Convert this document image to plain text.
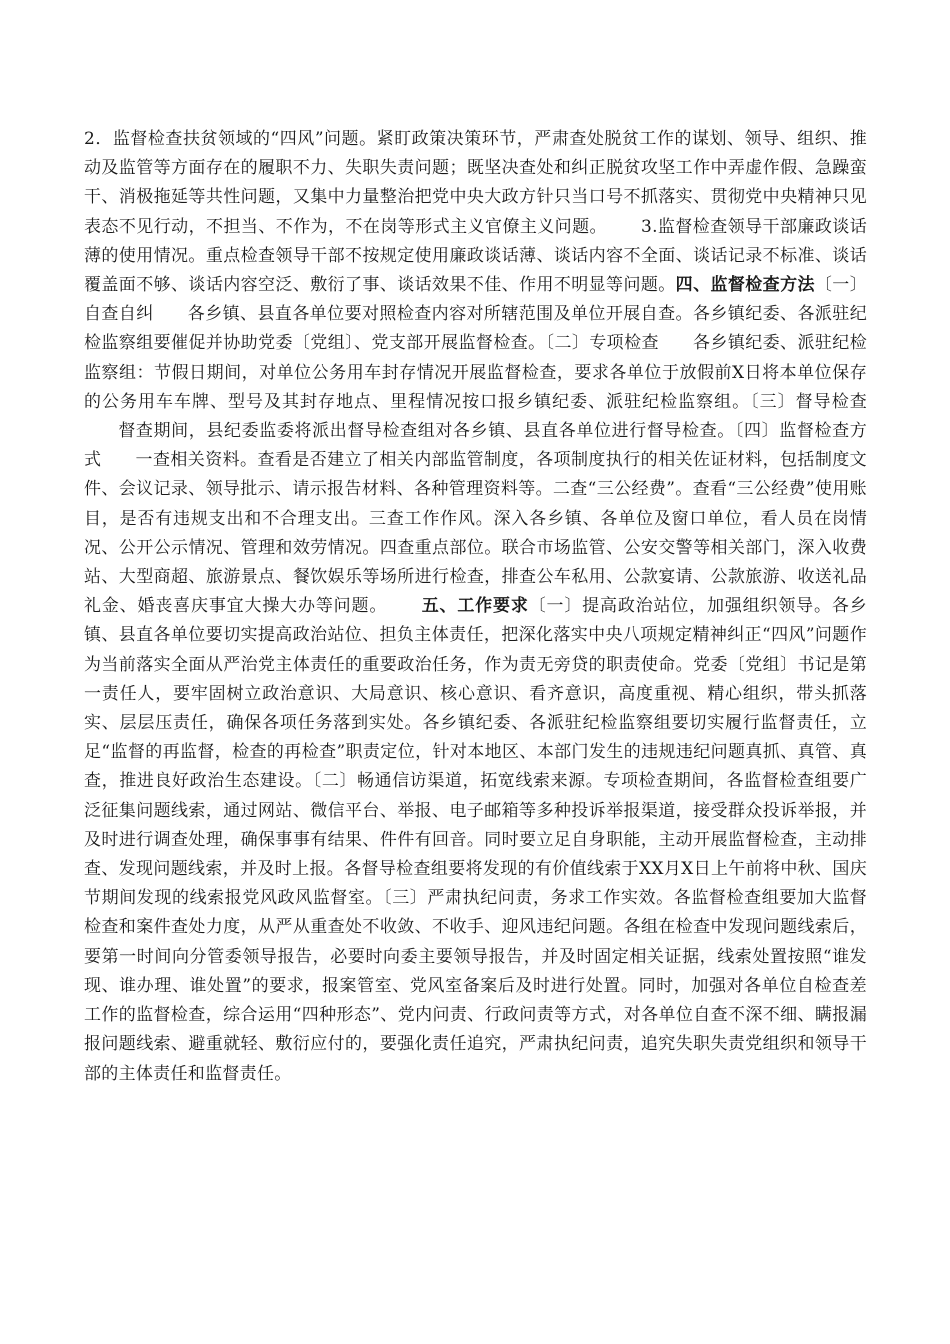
2．监督检查扶贫领域的“四风”问题。紧盯政策决策环节，严肃查处脱贫工作的谋划、领导、组织、推动及监管等方面存在的履职不力、失职失责问题；既坚决查处和纠正脱贫攻坚工作中弄虚作假、急躁蛮干、消极拖延等共性问题，又集中力量整治把党中央大政方针只当口号不抓落实、贯彻党中央精神只见表态不见行动，不担当、不作为，不在岗等形式主义官僚主义问题。 3.监督检查领导干部廉政谈话薄的使用情况。重点检查领导干部不按规定使用廉政谈话薄、谈话内容不全面、谈话记录不标准、谈话覆盖面不够、谈话内容空泛、敷衍了事、谈话效果不佳、作用不明显等问题。四、监督检查方法〔一〕自查自纠 各乡镇、县直各单位要对照检查内容对所辖范围及单位开展自查。各乡镇纪委、各派驻纪检监察组要催促并协助党委〔党组〕、党支部开展监督检查。〔二〕专项检查 各乡镇纪委、派驻纪检监察组：节假日期间，对单位公务用车封存情况开展监督检查，要求各单位于放假前X日将本单位保存的公务用车车牌、型号及其封存地点、里程情况按口报乡镇纪委、派驻纪检监察组。〔三〕督导检查督查期间，县纪委监委将派出督导检查组对各乡镇、县直各单位进行督导检查。〔四〕监督检查方式 一查相关资料。查看是否建立了相关内部监管制度，各项制度执行的相关佐证材料，包括制度文件、会议记录、领导批示、请示报告材料、各种管理资料等。二查“三公经费”。查看“三公经费”使用账目，是否有违规支出和不合理支出。三查工作作风。深入各乡镇、各单位及窗口单位，看人员在岗情况、公开公示情况、管理和效劳情况。四查重点部位。联合市场监管、公安交警等相关部门，深入收费站、大型商超、旅游景点、餐饮娱乐等场所进行检查，排查公车私用、公款宴请、公款旅游、收送礼品礼金、婚丧喜庆事宜大操大办等问题。 五、工作要求〔一〕提高政治站位，加强组织领导。各乡镇、县直各单位要切实提高政治站位、担负主体责任，把深化落实中央八项规定精神纠正“四风”问题作为当前落实全面从严治党主体责任的重要政治任务，作为责无旁贷的职责使命。党委〔党组〕书记是第一责任人，要牢固树立政治意识、大局意识、核心意识、看齐意识，高度重视、精心组织，带头抓落实、层层压责任，确保各项任务落到实处。各乡镇纪委、各派驻纪检监察组要切实履行监督责任，立足“监督的再监督，检查的再检查”职责定位，针对本地区、本部门发生的违规违纪问题真抓、真管、真查，推进良好政治生态建设。〔二〕畅通信访渠道，拓宽线索来源。专项检查期间，各监督检查组要广泛征集问题线索，通过网站、微信平台、举报、电子邮箱等多种投诉举报渠道，接受群众投诉举报，并及时进行调查处理，确保事事有结果、件件有回音。同时要立足自身职能，主动开展监督检查，主动排查、发现问题线索，并及时上报。各督导检查组要将发现的有价值线索于XX月X日上午前将中秋、国庆节期间发现的线索报党风政风监督室。〔三〕严肃执纪问责，务求工作实效。各监督检查组要加大监督检查和案件查处力度，从严从重查处不收敛、不收手、迎风违纪问题。各组在检查中发现问题线索后，要第一时间向分管委领导报告，必要时向委主要领导报告，并及时固定相关证据，线索处置按照“谁发现、谁办理、谁处置”的要求，报案管室、党风室备案后及时进行处置。同时，加强对各单位自检查差工作的监督检查，综合运用“四种形态”、党内问责、行政问责等方式，对各单位自查不深不细、瞒报漏报问题线索、避重就轻、敷衍应付的，要强化责任追究，严肃执纪问责，追究失职失责党组织和领导干部的主体责任和监督责任。
